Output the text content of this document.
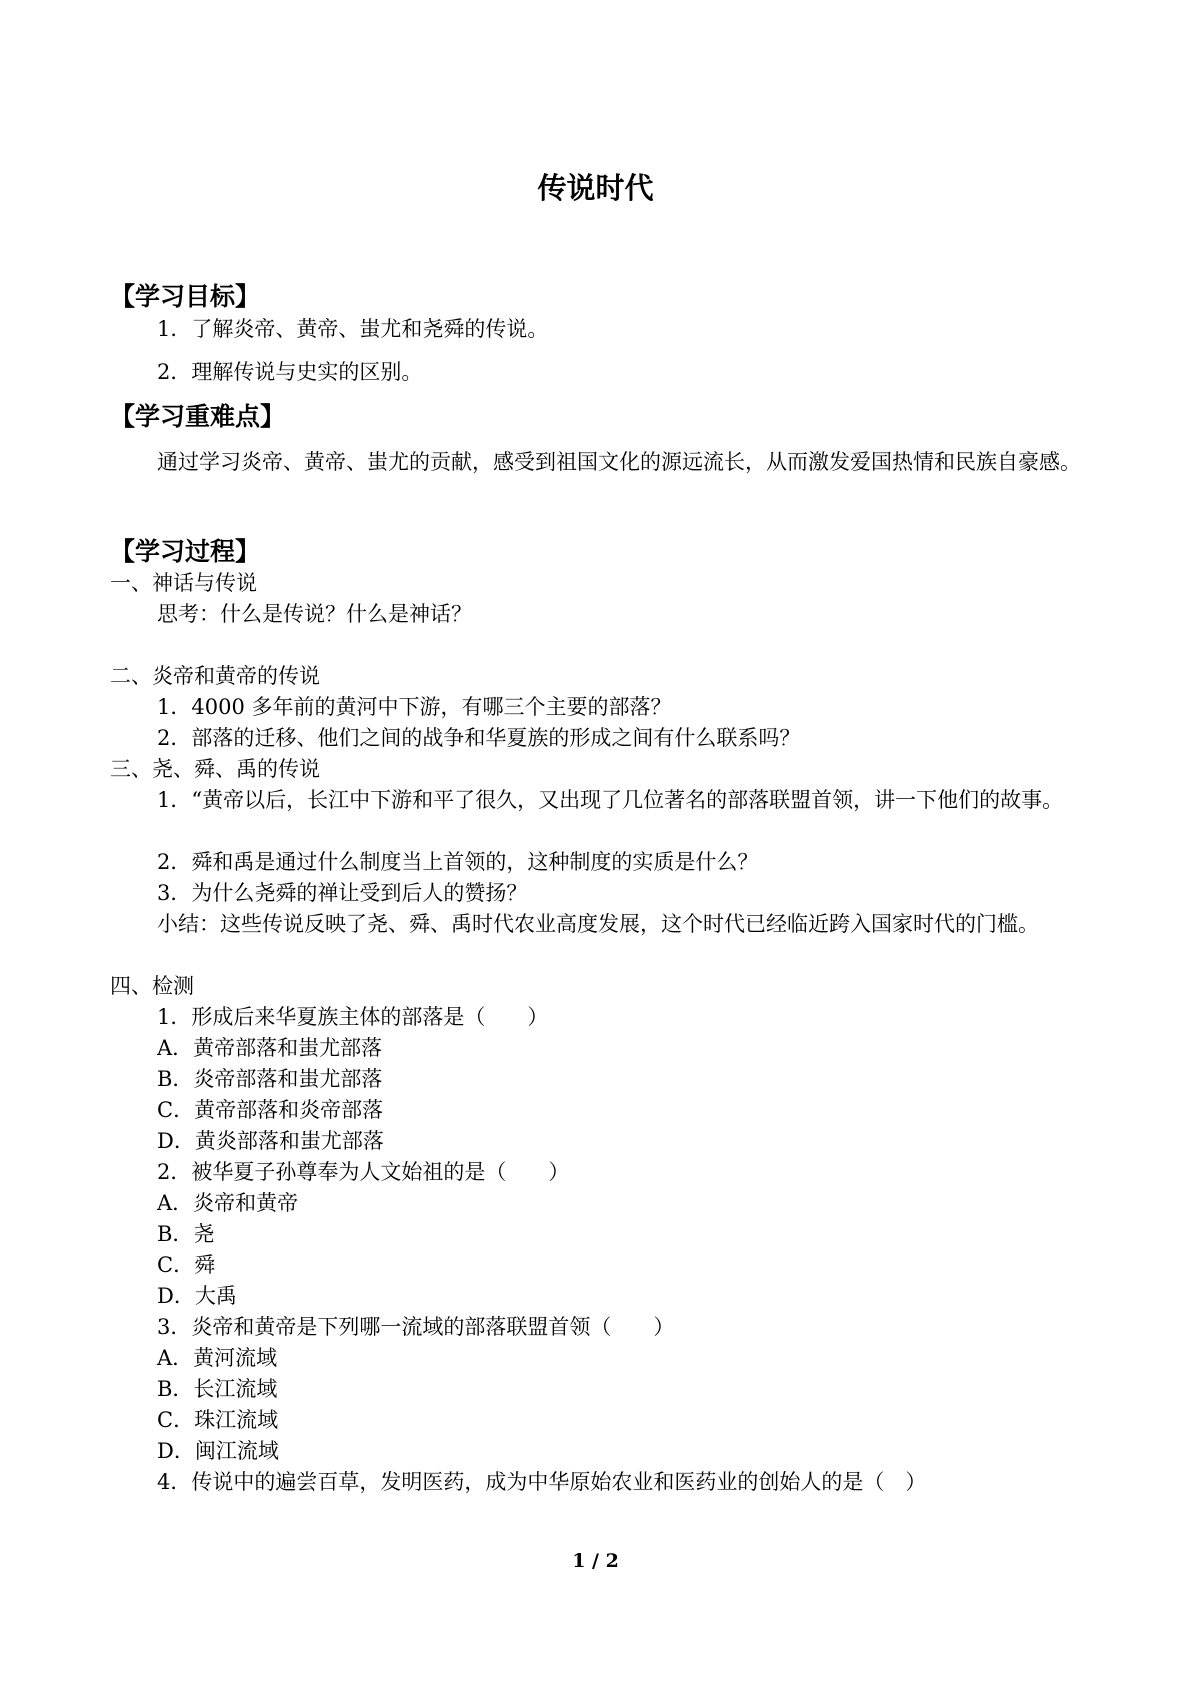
传说时代
【学习目标】
1．了解炎帝、黄帝、蚩尤和尧舜的传说。
2．理解传说与史实的区别。
【学习重难点】
通过学习炎帝、黄帝、蚩尤的贡献，感受到祖国文化的源远流长，从而激发爱国热情和民族自豪感。
【学习过程】
一、神话与传说
思考：什么是传说？什么是神话？
二、炎帝和黄帝的传说
1．4000 多年前的黄河中下游，有哪三个主要的部落？
2．部落的迁移、他们之间的战争和华夏族的形成之间有什么联系吗？
三、尧、舜、禹的传说
1．“黄帝以后，长江中下游和平了很久，又出现了几位著名的部落联盟首领，讲一下他们的故事。
2．舜和禹是通过什么制度当上首领的，这种制度的实质是什么？
3．为什么尧舜的禅让受到后人的赞扬？
小结：这些传说反映了尧、舜、禹时代农业高度发展，这个时代已经临近跨入国家时代的门槛。
四、检测
1．形成后来华夏族主体的部落是（　　）
A．黄帝部落和蚩尤部落
B．炎帝部落和蚩尤部落
C．黄帝部落和炎帝部落
D．黄炎部落和蚩尤部落
2．被华夏子孙尊奉为人文始祖的是（　　）
A．炎帝和黄帝
B．尧
C．舜
D．大禹
3．炎帝和黄帝是下列哪一流域的部落联盟首领（　　）
A．黄河流域
B．长江流域
C．珠江流域
D．闽江流域
4．传说中的遍尝百草，发明医药，成为中华原始农业和医药业的创始人的是（　）
1 / 2
